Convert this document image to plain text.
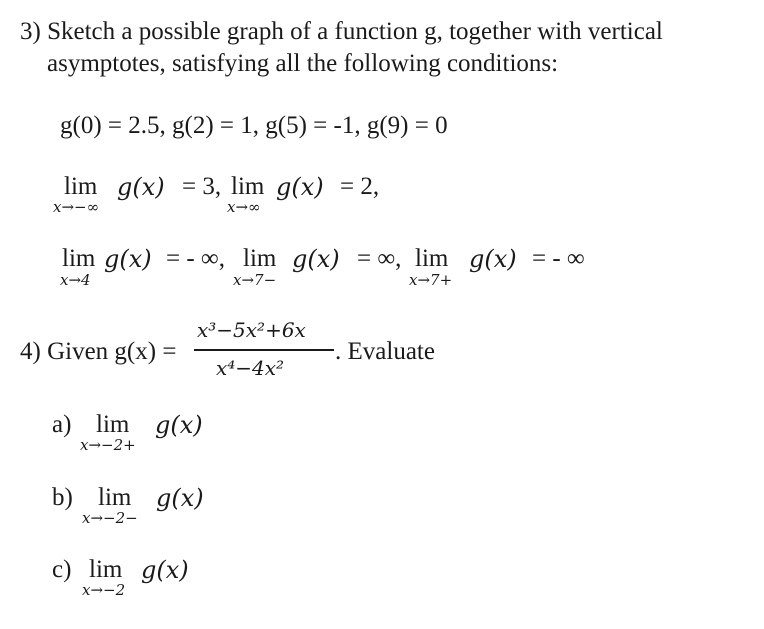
3) Sketch a possible graph of a function g, together with vertical
asymptotes, satisfying all the following conditions:
g(0) = 2.5, g(2) = 1, g(5) = -1, g(9) = 0
lim
x→−∞
g(x) = 3, lim
x→∞
g(x) = 2,
lim
x→4
g(x) = - ∞, lim
x→7−
g(x) = ∞, lim
x→7+
g(x) = - ∞
4) Given g(x) =
x³−5x²+6x
x⁴−4x²
. Evaluate
a) lim
x→−2+
g(x)
b) lim
x→−2−
g(x)
c) lim
x→−2
g(x)
